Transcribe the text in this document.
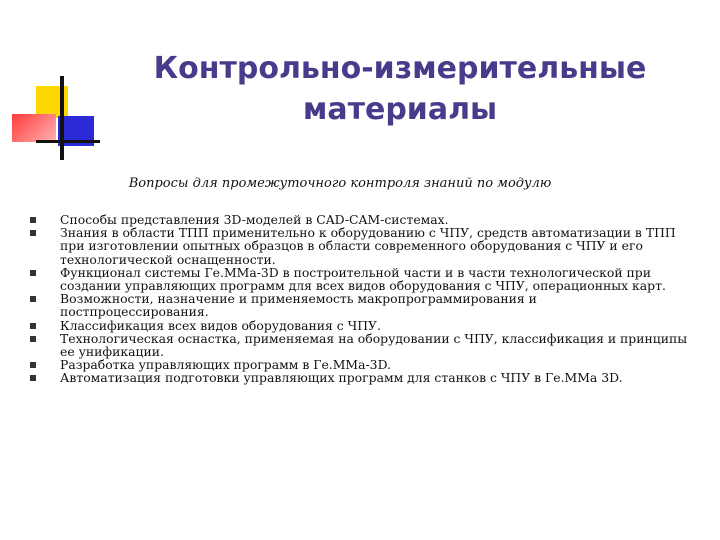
Контрольно-измерительные материалы
Вопросы для промежуточного контроля знаний по модулю
Способы представления 3D-моделей в CAD-CAM-системах.
Знания в области ТПП применительно к оборудованию с ЧПУ, средств автоматизации в ТПП при изготовлении опытных образцов в области современного оборудования с ЧПУ и его технологической оснащенности.
Функционал системы Ге.ММа-3D в построительной части и в части технологической при создании управляющих программ для всех видов оборудования с ЧПУ, операционных карт.
Возможности, назначение и применяемость макропрограммирования и постпроцессирования.
Классификация всех видов оборудования с ЧПУ.
Технологическая оснастка, применяемая на оборудовании с ЧПУ, классификация и принципы ее унификации.
Разработка управляющих программ в Ге.ММа-3D.
Автоматизация подготовки управляющих программ для станков с ЧПУ в Ге.ММа 3D.
